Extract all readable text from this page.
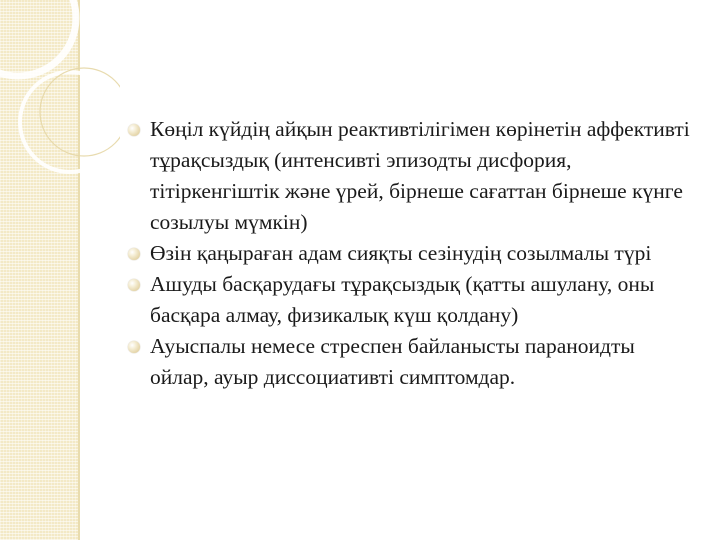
Көңіл күйдің айқын реактивтілігімен көрінетін аффективті тұрақсыздық (интенсивті эпизодты дисфория, тітіркенгіштік және үрей, бірнеше сағаттан бірнеше күнге созылуы мүмкін)
Өзін қаңыраған адам сияқты сезінудің созылмалы түрі
Ашуды басқарудағы тұрақсыздық (қатты ашулану, оны басқара алмау, физикалық күш қолдану)
Ауыспалы немесе стреспен байланысты параноидты ойлар, ауыр диссоциативті симптомдар.
